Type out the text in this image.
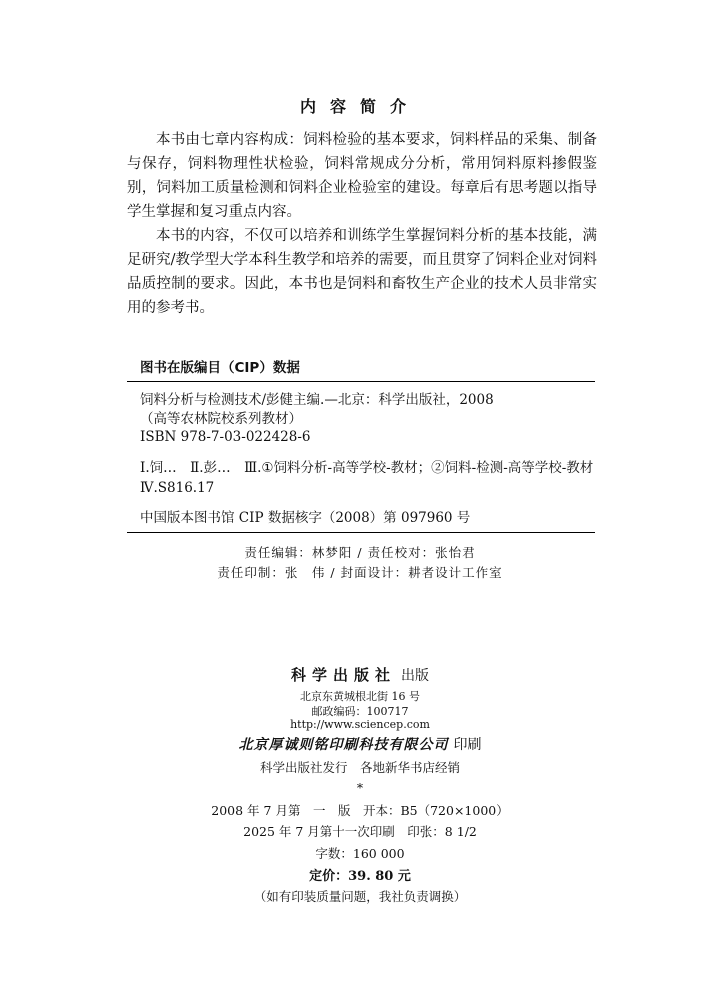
内容简介

本书由七章内容构成：饲料检验的基本要求，饲料样品的采集、制备与保存，饲料物理性状检验，饲料常规成分分析，常用饲料原料掺假鉴别，饲料加工质量检测和饲料企业检验室的建设。每章后有思考题以指导学生掌握和复习重点内容。

本书的内容，不仅可以培养和训练学生掌握饲料分析的基本技能，满足研究/教学型大学本科生教学和培养的需要，而且贯穿了饲料企业对饲料品质控制的要求。因此，本书也是饲料和畜牧生产企业的技术人员非常实用的参考书。

图书在版编目（CIP）数据
饲料分析与检测技术/彭健主编.—北京：科学出版社，2008
（高等农林院校系列教材）
ISBN 978-7-03-022428-6
Ⅰ.饲…　Ⅱ.彭…　Ⅲ.①饲料分析-高等学校-教材；②饲料-检测-高等学校-教材　Ⅳ.S816.17
中国版本图书馆 CIP 数据核字（2008）第 097960 号
责任编辑：林梦阳 / 责任校对：张怡君
责任印制：张　伟 / 封面设计：耕者设计工作室
科学出版社 出版
北京东黄城根北街 16 号
邮政编码：100717
http://www.sciencep.com
北京厚诚则铭印刷科技有限公司 印刷
科学出版社发行　各地新华书店经销
*
2008 年 7 月第　一　版　开本：B5（720×1000）
2025 年 7 月第十一次印刷　印张：8 1/2
字数：160 000
定价：39. 80 元
（如有印装质量问题，我社负责调换）
